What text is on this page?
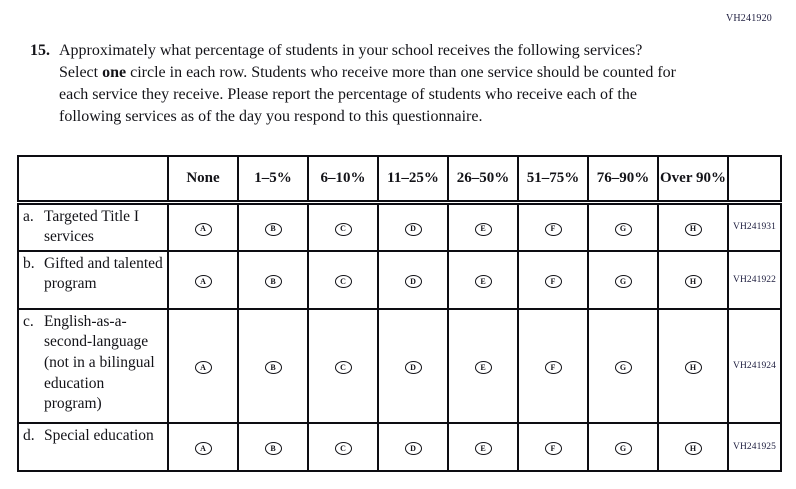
VH241920

15. Approximately what percentage of students in your school receives the following services? Select one circle in each row. Students who receive more than one service should be counted for each service they receive. Please report the percentage of students who receive each of the following services as of the day you respond to this questionnaire.

	None	1–5%	6–10%	11–25%	26–50%	51–75%	76–90%	Over 90%	

a. Targeted Title I services	A	B	C	D	E	F	G	H	VH241931

b. Gifted and talented program	A	B	C	D	E	F	G	H	VH241922

c. English-as-a-second-language (not in a bilingual education program)	A	B	C	D	E	F	G	H	VH241924

d. Special education	A	B	C	D	E	F	G	H	VH241925
